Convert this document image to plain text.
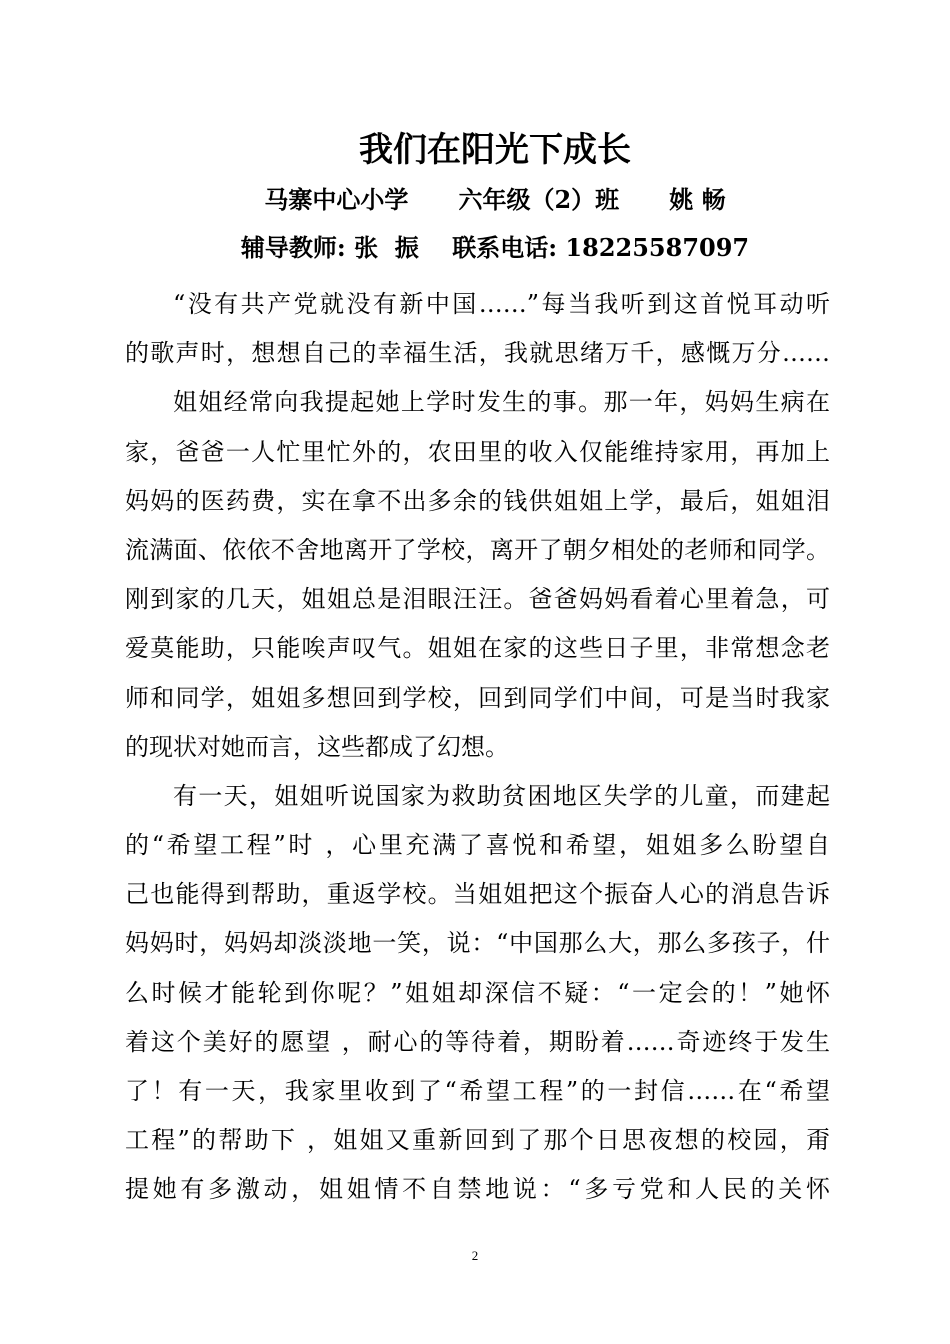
我们在阳光下成长
马寨中心小学      六年级（2）班      姚 畅
辅导教师: 张  振    联系电话: 18225587097
“没有共产党就没有新中国……”每当我听到这首悦耳动听
的歌声时，想想自己的幸福生活，我就思绪万千，感慨万分……
姐姐经常向我提起她上学时发生的事。那一年，妈妈生病在
家，爸爸一人忙里忙外的，农田里的收入仅能维持家用，再加上
妈妈的医药费，实在拿不出多余的钱供姐姐上学，最后，姐姐泪
流满面、依依不舍地离开了学校，离开了朝夕相处的老师和同学。
刚到家的几天，姐姐总是泪眼汪汪。爸爸妈妈看着心里着急，可
爱莫能助，只能唉声叹气。姐姐在家的这些日子里，非常想念老
师和同学，姐姐多想回到学校，回到同学们中间，可是当时我家
的现状对她而言，这些都成了幻想。
有一天，姐姐听说国家为救助贫困地区失学的儿童，而建起
的“希望工程”时 ，心里充满了喜悦和希望，姐姐多么盼望自
己也能得到帮助，重返学校。当姐姐把这个振奋人心的消息告诉
妈妈时，妈妈却淡淡地一笑，说：“中国那么大，那么多孩子，什
么时候才能轮到你呢？”姐姐却深信不疑：“一定会的！”她怀
着这个美好的愿望 ，耐心的等待着，期盼着……奇迹终于发生
了！有一天，我家里收到了“希望工程”的一封信……在“希望
工程”的帮助下 ，姐姐又重新回到了那个日思夜想的校园，甭
提她有多激动，姐姐情不自禁地说：“多亏党和人民的关怀
2
